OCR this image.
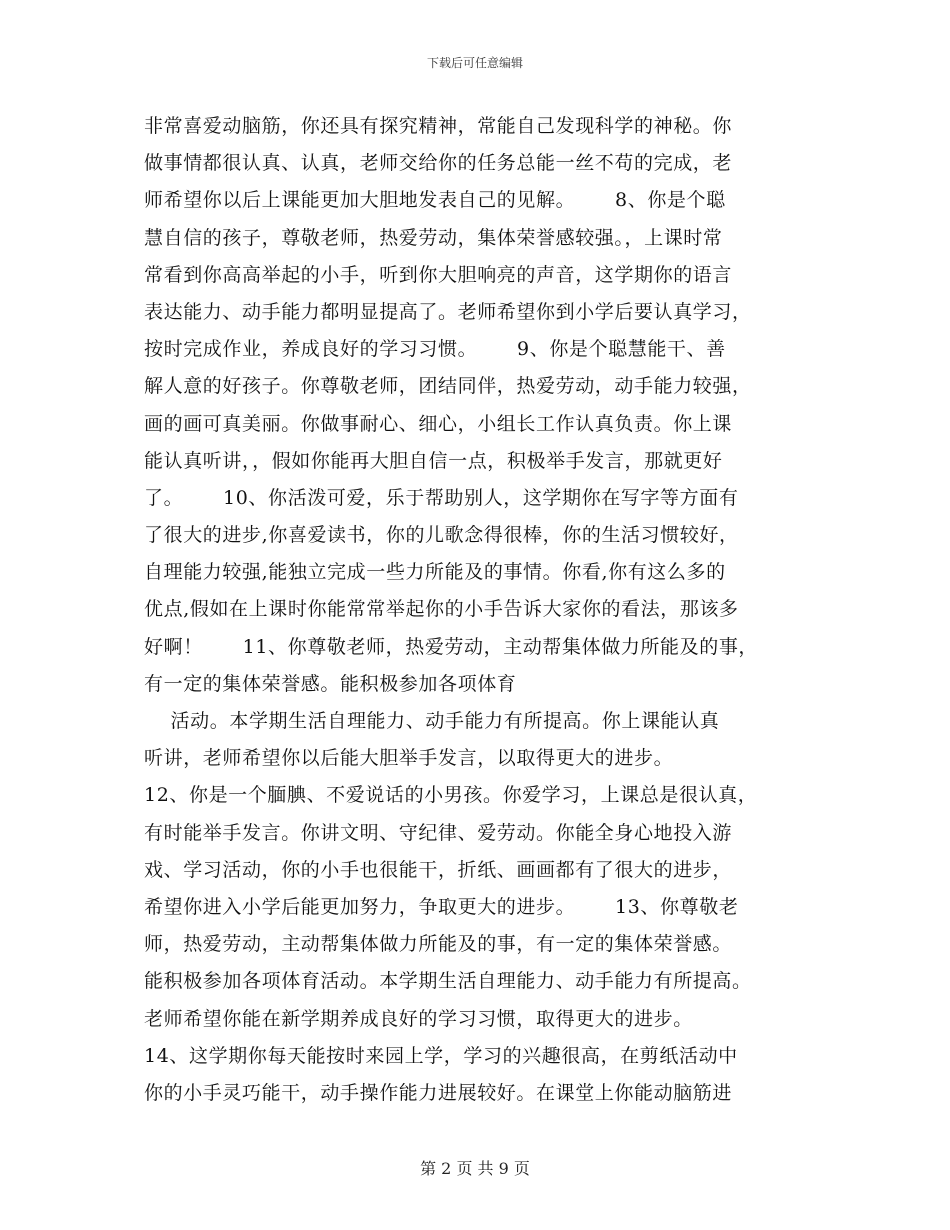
下载后可任意编辑
非常喜爱动脑筋，你还具有探究精神，常能自己发现科学的神秘。你
做事情都很认真、认真，老师交给你的任务总能一丝不苟的完成，老
师希望你以后上课能更加大胆地发表自己的见解。      8、你是个聪
慧自信的孩子，尊敬老师，热爱劳动，集体荣誉感较强。，上课时常
常看到你高高举起的小手，听到你大胆响亮的声音，这学期你的语言
表达能力、动手能力都明显提高了。老师希望你到小学后要认真学习，
按时完成作业，养成良好的学习习惯。      9、你是个聪慧能干、善
解人意的好孩子。你尊敬老师，团结同伴，热爱劳动，动手能力较强，
画的画可真美丽。你做事耐心、细心，小组长工作认真负责。你上课
能认真听讲，，假如你能再大胆自信一点，积极举手发言，那就更好
了。      10、你活泼可爱，乐于帮助别人，这学期你在写字等方面有
了很大的进步,你喜爱读书，你的儿歌念得很棒，你的生活习惯较好，
自理能力较强,能独立完成一些力所能及的事情。你看,你有这么多的
优点,假如在上课时你能常常举起你的小手告诉大家你的看法，那该多
好啊！      11、你尊敬老师，热爱劳动，主动帮集体做力所能及的事，
有一定的集体荣誉感。能积极参加各项体育
活动。本学期生活自理能力、动手能力有所提高。你上课能认真
听讲，老师希望你以后能大胆举手发言，以取得更大的进步。
12、你是一个腼腆、不爱说话的小男孩。你爱学习，上课总是很认真，
有时能举手发言。你讲文明、守纪律、爱劳动。你能全身心地投入游
戏、学习活动，你的小手也很能干，折纸、画画都有了很大的进步，
希望你进入小学后能更加努力，争取更大的进步。      13、你尊敬老
师，热爱劳动，主动帮集体做力所能及的事，有一定的集体荣誉感。
能积极参加各项体育活动。本学期生活自理能力、动手能力有所提高。
老师希望你能在新学期养成良好的学习习惯，取得更大的进步。
14、这学期你每天能按时来园上学，学习的兴趣很高，在剪纸活动中
你的小手灵巧能干，动手操作能力进展较好。在课堂上你能动脑筋进
第 2 页 共 9 页
